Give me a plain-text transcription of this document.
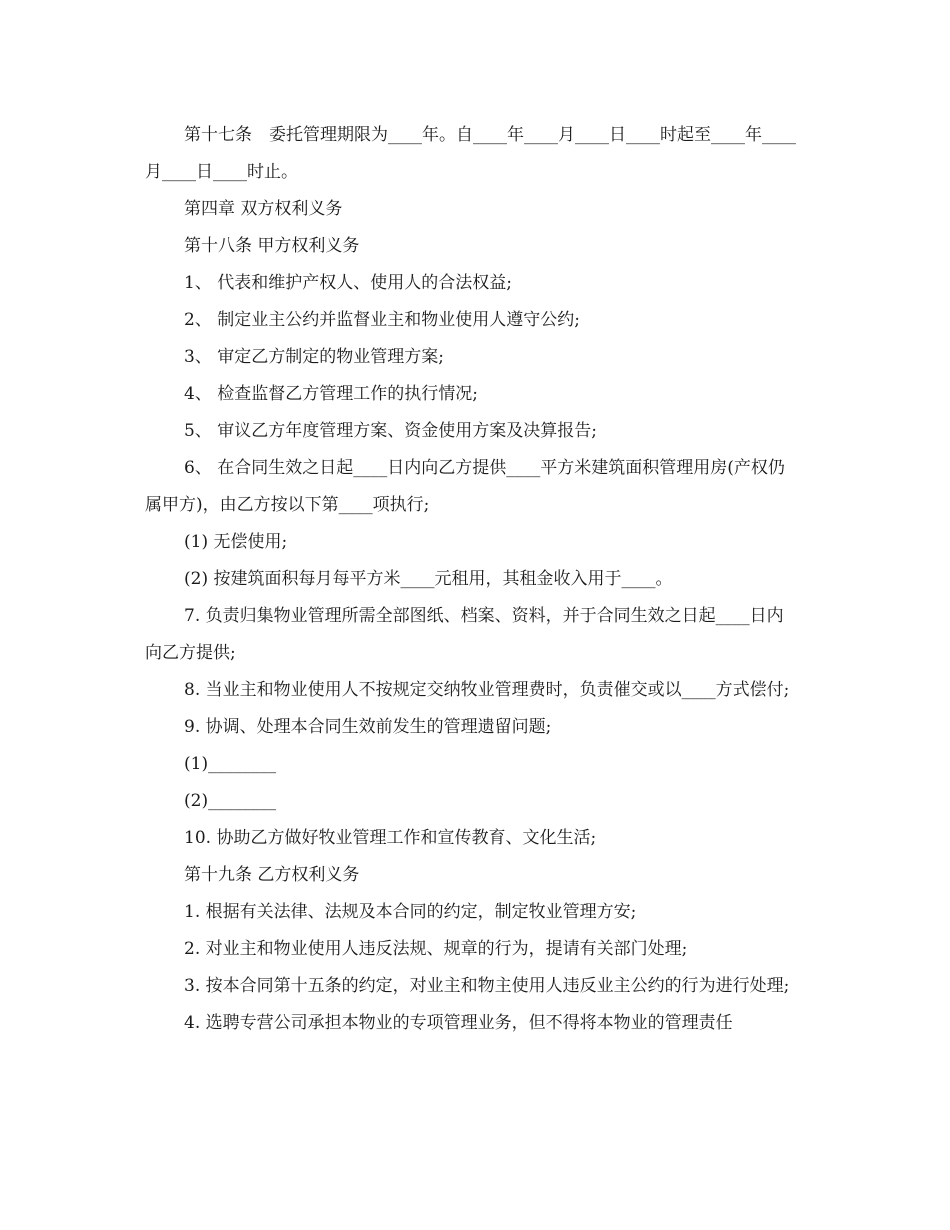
第十七条　委托管理期限为____年。自____年____月____日____时起至____年____月____日____时止。

第四章 双方权利义务

第十八条 甲方权利义务

1、 代表和维护产权人、使用人的合法权益;

2、 制定业主公约并监督业主和物业使用人遵守公约;

3、 审定乙方制定的物业管理方案;

4、 检查监督乙方管理工作的执行情况;

5、 审议乙方年度管理方案、资金使用方案及决算报告;

6、 在合同生效之日起____日内向乙方提供____平方米建筑面积管理用房(产权仍属甲方)，由乙方按以下第____项执行;

(1) 无偿使用;

(2) 按建筑面积每月每平方米____元租用，其租金收入用于____。

7. 负责归集物业管理所需全部图纸、档案、资料，并于合同生效之日起____日内向乙方提供;

8. 当业主和物业使用人不按规定交纳牧业管理费时，负责催交或以____方式偿付;

9. 协调、处理本合同生效前发生的管理遗留问题;

(1)________

(2)________

10. 协助乙方做好牧业管理工作和宣传教育、文化生活;

第十九条 乙方权利义务

1. 根据有关法律、法规及本合同的约定，制定牧业管理方安;

2. 对业主和物业使用人违反法规、规章的行为，提请有关部门处理;

3. 按本合同第十五条的约定，对业主和物主使用人违反业主公约的行为进行处理;

4. 选聘专营公司承担本物业的专项管理业务，但不得将本物业的管理责任
